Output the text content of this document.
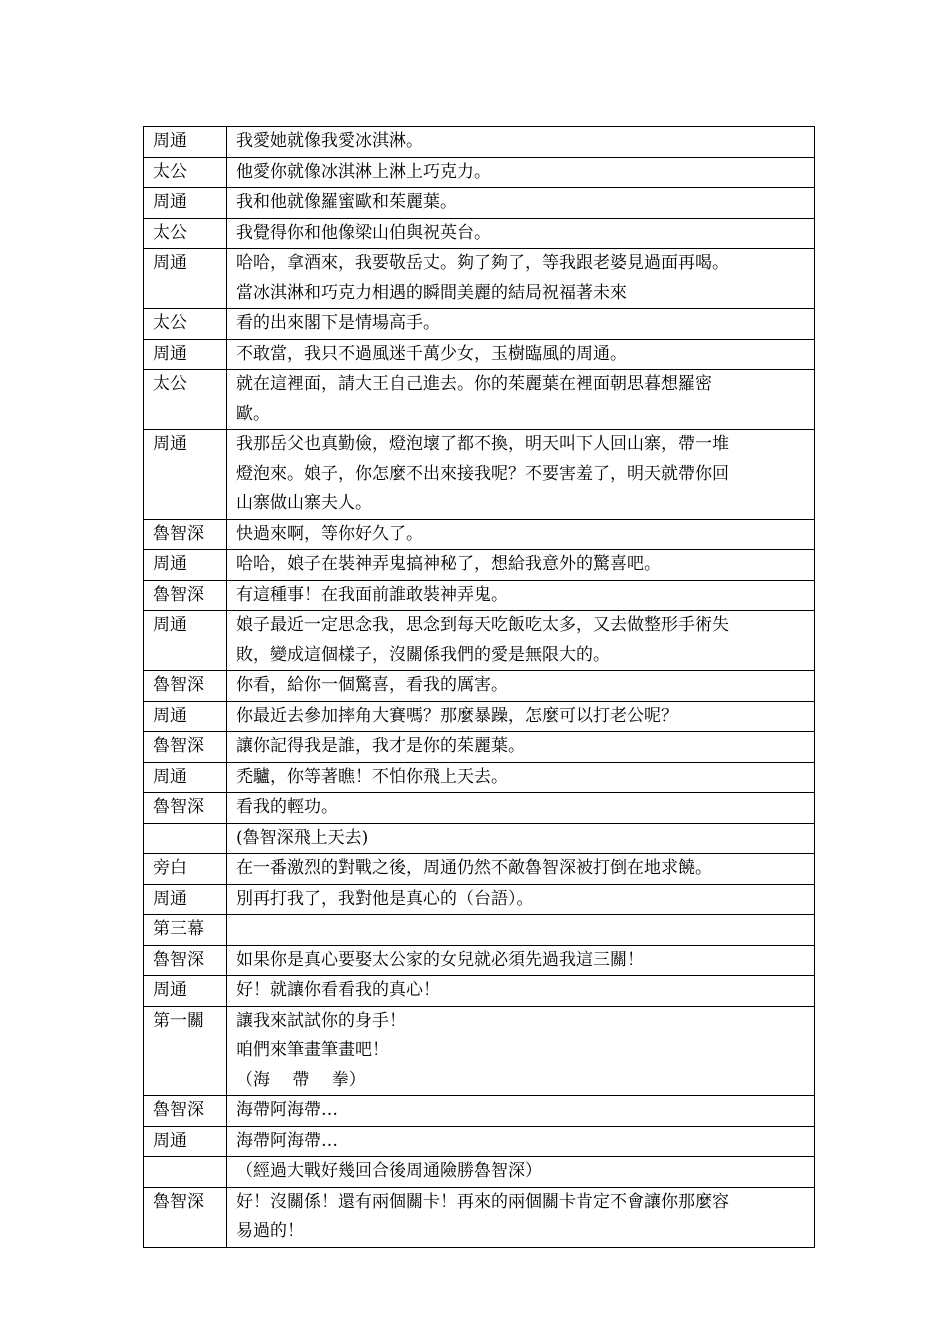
周通	我愛她就像我愛冰淇淋。
太公	他愛你就像冰淇淋上淋上巧克力。
周通	我和他就像羅蜜歐和茱麗葉。
太公	我覺得你和他像梁山伯與祝英台。
周通	哈哈，拿酒來，我要敬岳丈。夠了夠了，等我跟老婆見過面再喝。
當冰淇淋和巧克力相遇的瞬間美麗的結局祝福著未來
太公	看的出來閣下是情場高手。
周通	不敢當，我只不過風迷千萬少女，玉樹臨風的周通。
太公	就在這裡面，請大王自己進去。你的茱麗葉在裡面朝思暮想羅密
歐。
周通	我那岳父也真勤儉，燈泡壞了都不換，明天叫下人回山寨，帶一堆
燈泡來。娘子，你怎麼不出來接我呢？不要害羞了，明天就帶你回
山寨做山寨夫人。
魯智深	快過來啊，等你好久了。
周通	哈哈，娘子在裝神弄鬼搞神秘了，想給我意外的驚喜吧。
魯智深	有這種事！在我面前誰敢裝神弄鬼。
周通	娘子最近一定思念我，思念到每天吃飯吃太多，又去做整形手術失
敗，變成這個樣子，沒關係我們的愛是無限大的。
魯智深	你看，給你一個驚喜，看我的厲害。
周通	你最近去參加摔角大賽嗎？那麼暴躁，怎麼可以打老公呢？
魯智深	讓你記得我是誰，我才是你的茱麗葉。
周通	禿驢，你等著瞧！不怕你飛上天去。
魯智深	看我的輕功。
	(魯智深飛上天去)
旁白	在一番激烈的對戰之後，周通仍然不敵魯智深被打倒在地求饒。
周通	別再打我了，我對他是真心的（台語）。
第三幕	
魯智深	如果你是真心要娶太公家的女兒就必須先過我這三關！
周通	好！就讓你看看我的真心！
第一關	讓我來試試你的身手！
咱們來筆畫筆畫吧！
（海　 帶　 拳）
魯智深	海帶阿海帶…
周通	海帶阿海帶…
	（經過大戰好幾回合後周通險勝魯智深）
魯智深	好！沒關係！還有兩個關卡！再來的兩個關卡肯定不會讓你那麼容
易過的！
